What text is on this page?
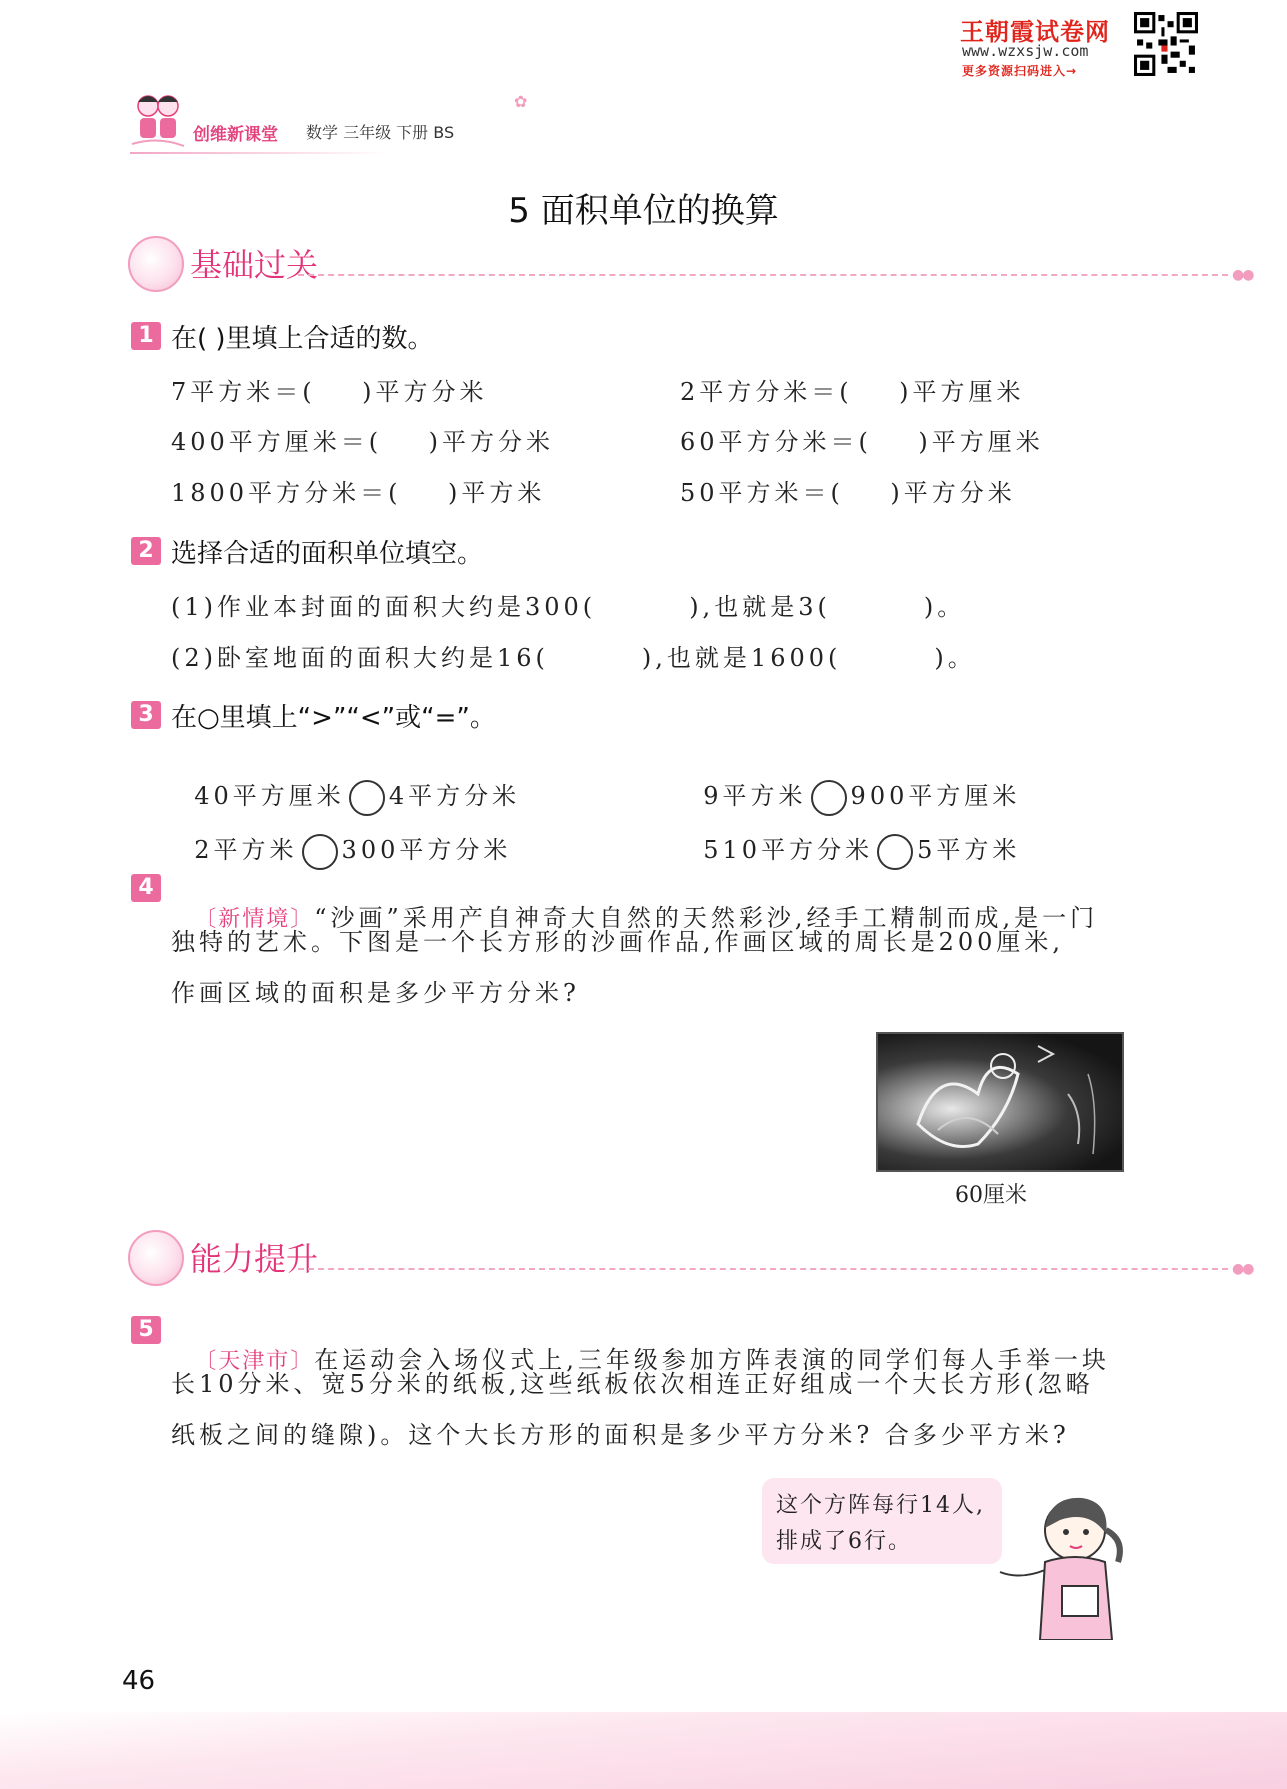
王朝霞试卷网
www.wzxsjw.com
更多资源扫码进入→
创维新课堂 数学 三年级 下册 BS
✿
5 面积单位的换算
基础过关	●●
1 在( )里填上合适的数。
7平方米＝(    )平方分米	2平方分米＝(    )平方厘米
400平方厘米＝(    )平方分米	60平方分米＝(    )平方厘米
1800平方分米＝(    )平方米	50平方米＝(    )平方分米
2 选择合适的面积单位填空。
(1)作业本封面的面积大约是300(        ),也就是3(        )。
(2)卧室地面的面积大约是16(        ),也就是1600(        )。
3 在○里填上“>”“<”或“=”。

40平方厘米 4平方分米	9平方米 900平方厘米

2平方米 300平方分米	510平方分米 5平方米

4

〔新情境〕“沙画”采用产自神奇大自然的天然彩沙,经手工精制而成,是一门

独特的艺术。下图是一个长方形的沙画作品,作画区域的周长是200厘米,
作画区域的面积是多少平方分米?
60厘米
能力提升	●●
5

〔天津市〕在运动会入场仪式上,三年级参加方阵表演的同学们每人手举一块

长10分米、宽5分米的纸板,这些纸板依次相连正好组成一个大长方形(忽略
纸板之间的缝隙)。这个大长方形的面积是多少平方分米? 合多少平方米?
这个方阵每行14人,
排成了6行。
46
